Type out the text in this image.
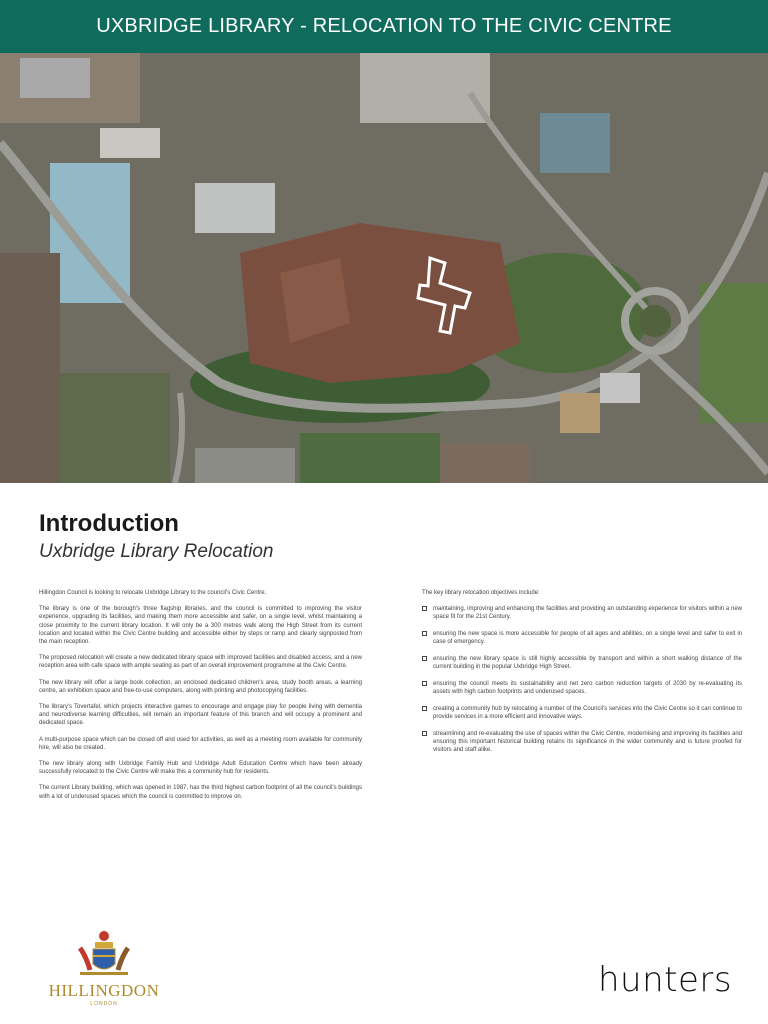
UXBRIDGE LIBRARY - RELOCATION TO THE CIVIC CENTRE
Introduction
Uxbridge Library Relocation

Hillingdon Council is looking to relocate Uxbridge Library to the council's Civic Centre.

The library is one of the borough's three flagship libraries, and the council is committed to improving the visitor experience, upgrading its facilities, and making them more accessible and safer, on a single level, whilst maintaining a close proximity to the current library location. It will only be a 300 metres walk along the High Street from its current location and located within the Civic Centre building and accessible either by steps or ramp and clearly signposted from the main reception.

The proposed relocation will create a new dedicated library space with improved facilities and disabled access, and a new reception area with cafe space with ample seating as part of an overall improvement programme at the Civic Centre.

The new library will offer a large book collection, an enclosed dedicated children's area, study booth areas, a learning centre, an exhibition space and free-to-use computers, along with printing and photocopying facilities.

The library's Tovertafel, which projects interactive games to encourage and engage play for people living with dementia and neurodiverse learning difficulties, will remain an important feature of this branch and will occupy a prominent and dedicated space.

A multi-purpose space which can be closed off and used for activities, as well as a meeting room available for community hire, will also be created.

The new library along with Uxbridge Family Hub and Uxbridge Adult Education Centre which have been already successfully relocated to the Civic Centre will make this a community hub for residents.

The current Library building, which was opened in 1987, has the third highest carbon footprint of all the council's buildings with a lot of underused spaces which the council is committed to improve on.

The key library relocation objectives include:
maintaining, improving and enhancing the facilities and providing an outstanding experience for visitors within a new space fit for the 21st Century.
ensuring the new space is more accessible for people of all ages and abilities, on a single level and safer to exit in case of emergency.
ensuring the new library space is still highly accessible by transport and within a short walking distance of the current building in the popular Uxbridge High Street.
ensuring the council meets its sustainability and net zero carbon reduction targets of 2030 by re-evaluating its assets with high carbon footprints and underused spaces.
creating a community hub by relocating a number of the Council's services into the Civic Centre so it can continue to provide services in a more efficient and innovative ways.
streamlining and re-evaluating the use of spaces within the Civic Centre, modernising and improving its facilities and ensuring this important historical building retains its significance in the wider community and is future proofed for visitors and staff alike.
HILLINGDON
LONDON
hunters
